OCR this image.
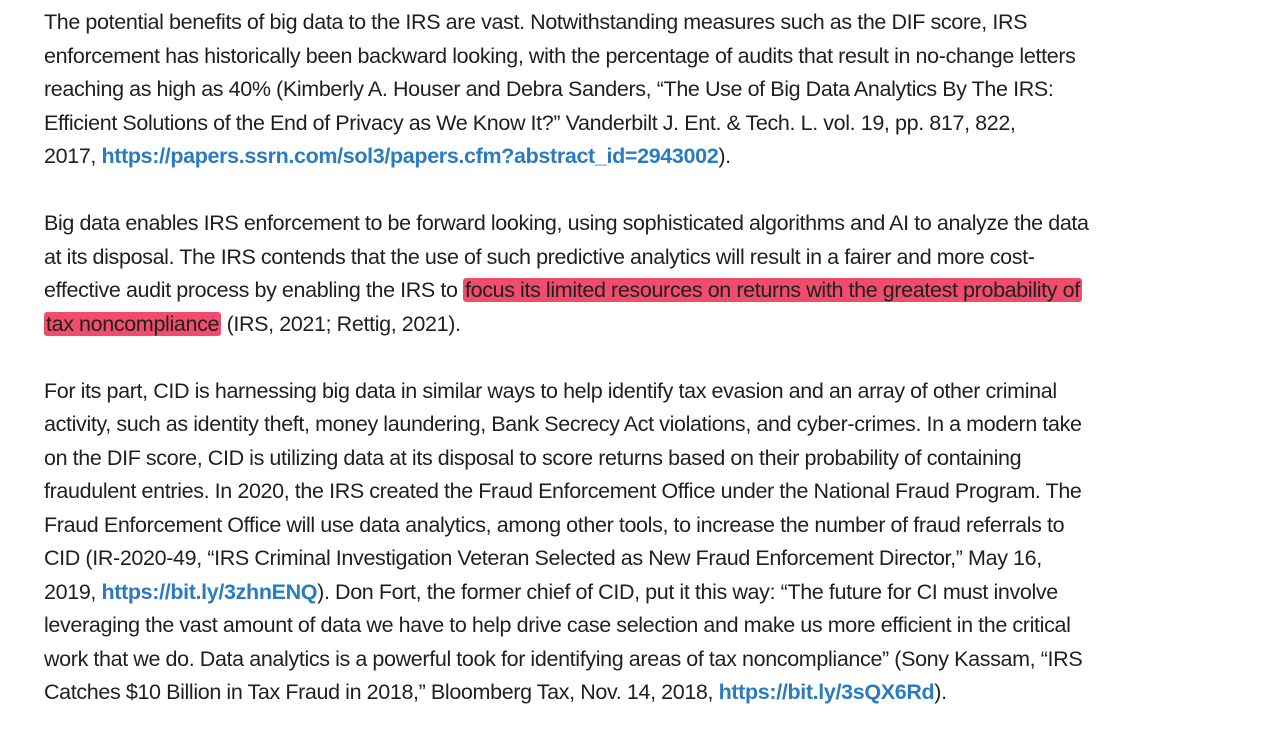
The potential benefits of big data to the IRS are vast. Notwithstanding measures such as the DIF score, IRS
enforcement has historically been backward looking, with the percentage of audits that result in no-change letters
reaching as high as 40% (Kimberly A. Houser and Debra Sanders, “The Use of Big Data Analytics By The IRS:
Efficient Solutions of the End of Privacy as We Know It?” Vanderbilt J. Ent. & Tech. L. vol. 19, pp. 817, 822,
2017, https://papers.ssrn.com/sol3/papers.cfm?abstract_id=2943002).

Big data enables IRS enforcement to be forward looking, using sophisticated algorithms and AI to analyze the data
at its disposal. The IRS contends that the use of such predictive analytics will result in a fairer and more cost-
effective audit process by enabling the IRS to focus its limited resources on returns with the greatest probability of
tax noncompliance (IRS, 2021; Rettig, 2021).

For its part, CID is harnessing big data in similar ways to help identify tax evasion and an array of other criminal
activity, such as identity theft, money laundering, Bank Secrecy Act violations, and cyber-crimes. In a modern take
on the DIF score, CID is utilizing data at its disposal to score returns based on their probability of containing
fraudulent entries. In 2020, the IRS created the Fraud Enforcement Office under the National Fraud Program. The
Fraud Enforcement Office will use data analytics, among other tools, to increase the number of fraud referrals to
CID (IR-2020-49, “IRS Criminal Investigation Veteran Selected as New Fraud Enforcement Director,” May 16,
2019, https://bit.ly/3zhnENQ). Don Fort, the former chief of CID, put it this way: “The future for CI must involve
leveraging the vast amount of data we have to help drive case selection and make us more efficient in the critical
work that we do. Data analytics is a powerful took for identifying areas of tax noncompliance” (Sony Kassam, “IRS
Catches $10 Billion in Tax Fraud in 2018,” Bloomberg Tax, Nov. 14, 2018, https://bit.ly/3sQX6Rd).
